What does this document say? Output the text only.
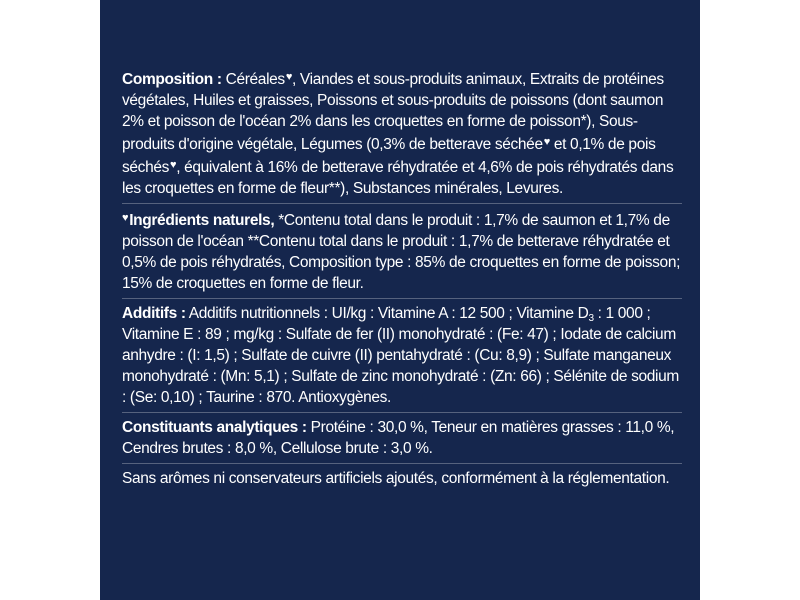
Composition : Céréales♥, Viandes et sous-produits animaux, Extraits de protéines végétales, Huiles et graisses, Poissons et sous-produits de poissons (dont saumon 2% et poisson de l'océan 2% dans les croquettes en forme de poisson*), Sous-produits d'origine végétale, Légumes (0,3% de betterave séchée♥ et 0,1% de pois séchés♥, équivalent à 16% de betterave réhydratée et 4,6% de pois réhydratés dans les croquettes en forme de fleur**), Substances minérales, Levures.

♥Ingrédients naturels, *Contenu total dans le produit : 1,7% de saumon et 1,7% de poisson de l'océan **Contenu total dans le produit : 1,7% de betterave réhydratée et 0,5% de pois réhydratés, Composition type : 85% de croquettes en forme de poisson; 15% de croquettes en forme de fleur.

Additifs : Additifs nutritionnels : UI/kg : Vitamine A : 12 500 ; Vitamine $D_3$ : 1 000 ; Vitamine E : 89 ; mg/kg : Sulfate de fer (II) monohydraté : (Fe: 47) ; Iodate de calcium anhydre : (I: 1,5) ; Sulfate de cuivre (II) pentahydraté : (Cu: 8,9) ; Sulfate manganeux monohydraté : (Mn: 5,1) ; Sulfate de zinc monohydraté : (Zn: 66) ; Sélénite de sodium : (Se: 0,10) ; Taurine : 870. Antioxygènes.

Constituants analytiques : Protéine : 30,0 %, Teneur en matières grasses : 11,0 %, Cendres brutes : 8,0 %, Cellulose brute : 3,0 %.

Sans arômes ni conservateurs artificiels ajoutés, conformément à la réglementation.
